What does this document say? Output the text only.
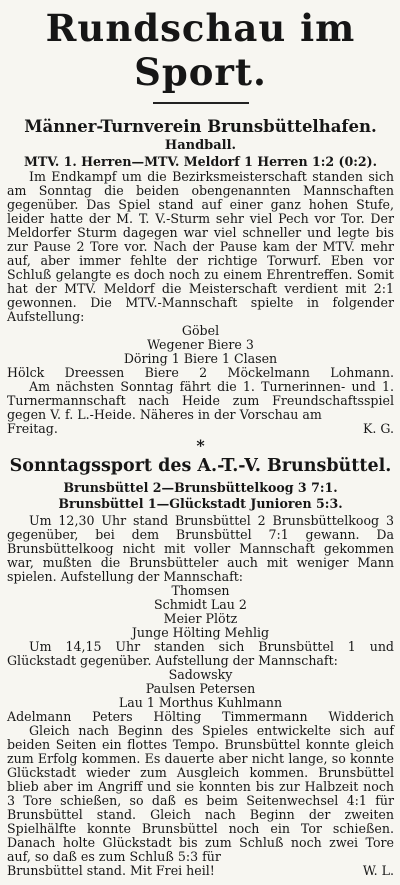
Rundschau im Sport.
Männer-Turnverein Brunsbüttelhafen.
Handball.
MTV. 1. Herren—MTV. Meldorf 1 Herren 1:2 (0:2).

Im Endkampf um die Bezirksmeisterschaft standen sich am Sonntag die beiden obengenannten Mannschaften gegenüber. Das Spiel stand auf einer ganz hohen Stufe, leider hatte der M. T. V.-Sturm sehr viel Pech vor Tor. Der Meldorfer Sturm dagegen war viel schneller und legte bis zur Pause 2 Tore vor. Nach der Pause kam der MTV. mehr auf, aber immer fehlte der richtige Torwurf. Eben vor Schluß gelangte es doch noch zu einem Ehrentreffen. Somit hat der MTV. Meldorf die Meisterschaft verdient mit 2:1 gewonnen. Die MTV.-Mannschaft spielte in folgender Aufstellung:

Göbel
Wegener Biere 3
Döring 1 Biere 1 Clasen
Hölck Dreessen Biere 2 Möckelmann Lohmann.

Am nächsten Sonntag fährt die 1. Turnerinnen- und 1. Turnermannschaft nach Heide zum Freundschaftsspiel gegen V. f. L.-Heide. Näheres in der Vorschau am

Freitag.	K. G.
*
Sonntagssport des A.-T.-V. Brunsbüttel.
Brunsbüttel 2—Brunsbüttelkoog 3 7:1.
Brunsbüttel 1—Glückstadt Junioren 5:3.

Um 12,30 Uhr stand Brunsbüttel 2 Brunsbüttelkoog 3 gegenüber, bei dem Brunsbüttel 7:1 gewann. Da Brunsbüttelkoog nicht mit voller Mannschaft gekommen war, mußten die Brunsbütteler auch mit weniger Mann spielen. Aufstellung der Mannschaft:

Thomsen
Schmidt Lau 2
Meier Plötz
Junge Hölting Mehlig

Um 14,15 Uhr standen sich Brunsbüttel 1 und Glückstadt gegenüber. Aufstellung der Mannschaft:

Sadowsky
Paulsen Petersen
Lau 1 Morthus Kuhlmann
Adelmann Peters Hölting Timmermann Widderich

Gleich nach Beginn des Spieles entwickelte sich auf beiden Seiten ein flottes Tempo. Brunsbüttel konnte gleich zum Erfolg kommen. Es dauerte aber nicht lange, so konnte Glückstadt wieder zum Ausgleich kommen. Brunsbüttel blieb aber im Angriff und sie konnten bis zur Halbzeit noch 3 Tore schießen, so daß es beim Seitenwechsel 4:1 für Brunsbüttel stand. Gleich nach Beginn der zweiten Spielhälfte konnte Brunsbüttel noch ein Tor schießen. Danach holte Glückstadt bis zum Schluß noch zwei Tore auf, so daß es zum Schluß 5:3 für

Brunsbüttel stand. Mit Frei heil!	W. L.
